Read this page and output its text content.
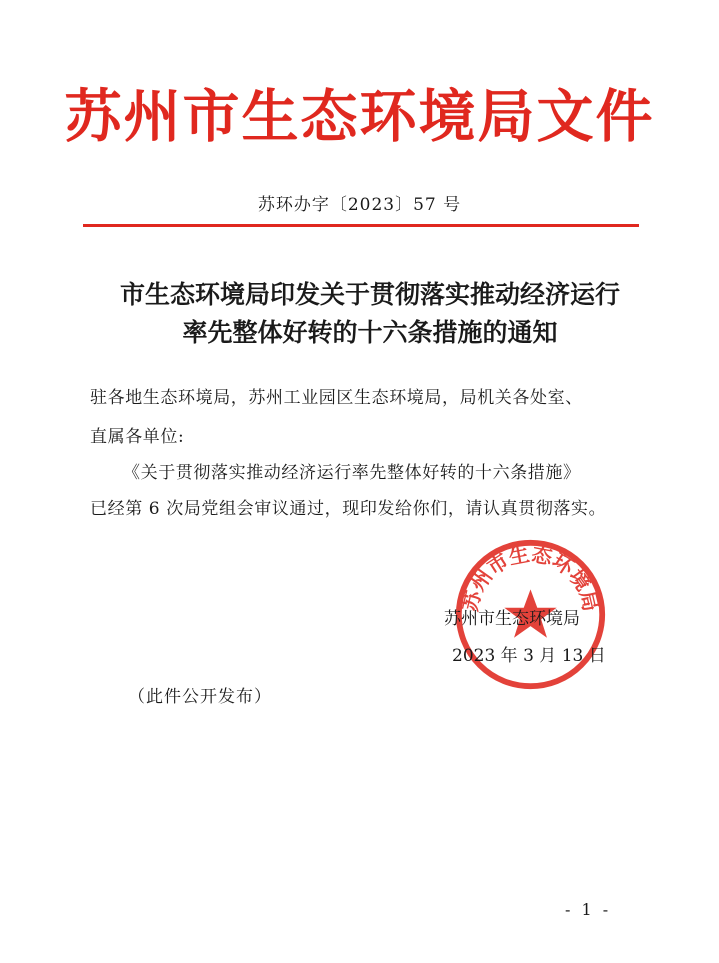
苏州市生态环境局文件
苏环办字〔2023〕57 号
市生态环境局印发关于贯彻落实推动经济运行
率先整体好转的十六条措施的通知
驻各地生态环境局，苏州工业园区生态环境局，局机关各处室、
直属各单位:
《关于贯彻落实推动经济运行率先整体好转的十六条措施》
已经第 6 次局党组会审议通过，现印发给你们，请认真贯彻落实。
苏州市生态环境局
苏州市生态环境局
2023 年 3 月 13 日
（此件公开发布）
- 1 -
